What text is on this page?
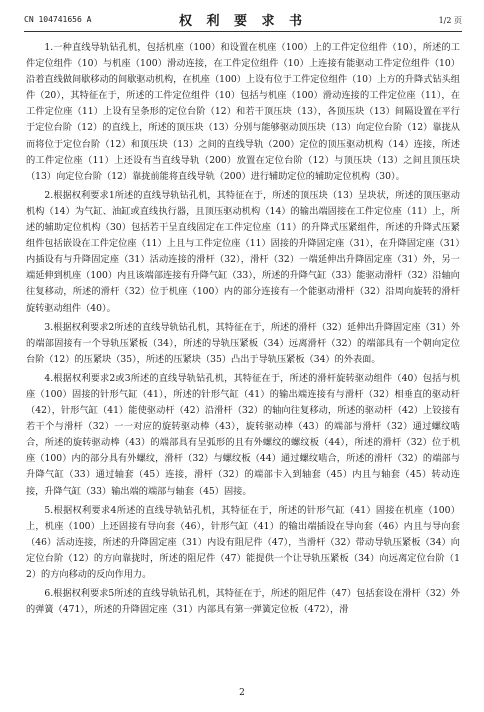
CN 104741656 A	权 利 要 求 书	1/2 页

1.一种直线导轨钻孔机，包括机座（100）和设置在机座（100）上的工件定位组件（10），所述的工件定位组件（10）与机座（100）滑动连接，在工件定位组件（10）上连接有能驱动工件定位组件（10）沿着直线做间歇移动的间歇驱动机构，在机座（100）上设有位于工件定位组件（10）上方的升降式钻头组件（20），其特征在于，所述的工件定位组件（10）包括与机座（100）滑动连接的工件定位座（11），在工件定位座（11）上设有呈条形的定位台阶（12）和若干顶压块（13），各顶压块（13）间隔设置在平行于定位台阶（12）的直线上，所述的顶压块（13）分别与能够驱动顶压块（13）向定位台阶（12）靠拢从而将位于定位台阶（12）和顶压块（13）之间的直线导轨（200）定位的顶压驱动机构（14）连接，所述的工件定位座（11）上还设有当直线导轨（200）放置在定位台阶（12）与顶压块（13）之间且顶压块（13）向定位台阶（12）靠拢前能将直线导轨（200）进行辅助定位的辅助定位机构（30）。

2.根据权利要求1所述的直线导轨钻孔机，其特征在于，所述的顶压块（13）呈块状，所述的顶压驱动机构（14）为气缸、油缸或直线执行器，且顶压驱动机构（14）的输出端固接在工件定位座（11）上，所述的辅助定位机构（30）包括若干呈直线固定在工件定位座（11）的升降式压紧组件，所述的升降式压紧组件包括嵌设在工件定位座（11）上且与工件定位座（11）固接的升降固定座（31），在升降固定座（31）内插设有与升降固定座（31）活动连接的滑杆（32），滑杆（32）一端延伸出升降固定座（31）外，另一端延伸到机座（100）内且该端部连接有升降气缸（33），所述的升降气缸（33）能驱动滑杆（32）沿轴向往复移动，所述的滑杆（32）位于机座（100）内的部分连接有一个能驱动滑杆（32）沿周向旋转的滑杆旋转驱动组件（40）。

3.根据权利要求2所述的直线导轨钻孔机，其特征在于，所述的滑杆（32）延伸出升降固定座（31）外的端部固接有一个导轨压紧板（34），所述的导轨压紧板（34）远离滑杆（32）的端部具有一个朝向定位台阶（12）的压紧块（35），所述的压紧块（35）凸出于导轨压紧板（34）的外表面。

4.根据权利要求2或3所述的直线导轨钻孔机，其特征在于，所述的滑杆旋转驱动组件（40）包括与机座（100）固接的针形气缸（41），所述的针形气缸（41）的输出端连接有与滑杆（32）相垂直的驱动杆（42），针形气缸（41）能使驱动杆（42）沿滑杆（32）的轴向往复移动，所述的驱动杆（42）上铰接有若干个与滑杆（32）一一对应的旋转驱动棒（43），旋转驱动棒（43）的端部与滑杆（32）通过螺纹啮合，所述的旋转驱动棒（43）的端部具有呈弧形的且有外螺纹的螺纹板（44），所述的滑杆（32）位于机座（100）内的部分具有外螺纹，滑杆（32）与螺纹板（44）通过螺纹啮合，所述的滑杆（32）的端部与升降气缸（33）通过轴套（45）连接，滑杆（32）的端部卡入到轴套（45）内且与轴套（45）转动连接，升降气缸（33）输出端的端部与轴套（45）固接。

5.根据权利要求4所述的直线导轨钻孔机，其特征在于，所述的针形气缸（41）固接在机座（100）上，机座（100）上还固接有导向套（46），针形气缸（41）的输出端插设在导向套（46）内且与导向套（46）活动连接，所述的升降固定座（31）内设有阻尼件（47），当滑杆（32）带动导轨压紧板（34）向定位台阶（12）的方向靠拢时，所述的阻尼件（47）能提供一个让导轨压紧板（34）向远离定位台阶（12）的方向移动的反向作用力。

6.根据权利要求5所述的直线导轨钻孔机，其特征在于，所述的阻尼件（47）包括套设在滑杆（32）外的弹簧（471），所述的升降固定座（31）内部具有第一弹簧定位板（472），滑

2
